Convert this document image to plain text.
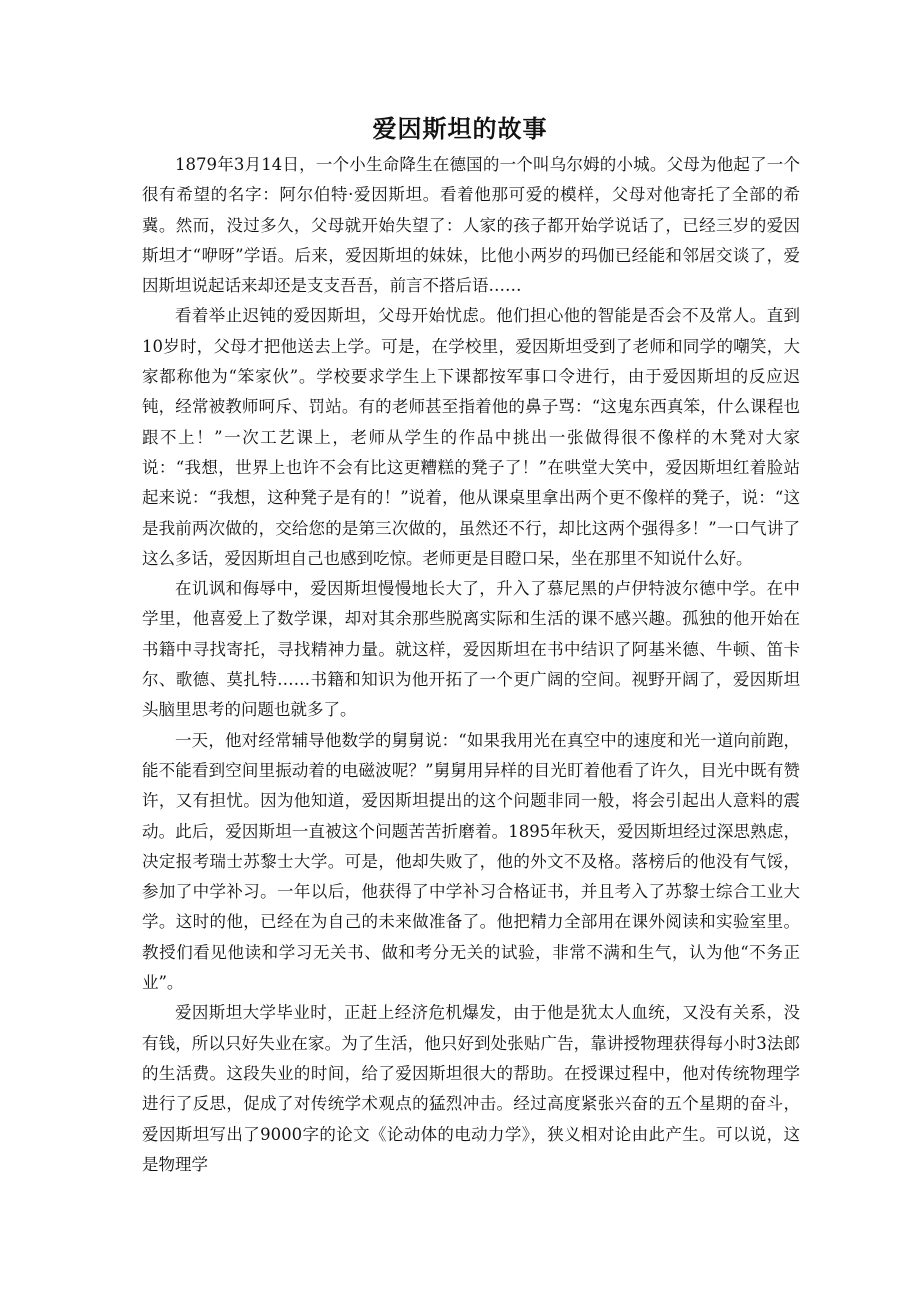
爱因斯坦的故事

1879年3月14日，一个小生命降生在德国的一个叫乌尔姆的小城。父母为他起了一个很有希望的名字：阿尔伯特·爱因斯坦。看着他那可爱的模样，父母对他寄托了全部的希冀。然而，没过多久，父母就开始失望了：人家的孩子都开始学说话了，已经三岁的爱因斯坦才“咿呀”学语。后来，爱因斯坦的妹妹，比他小两岁的玛伽已经能和邻居交谈了，爱因斯坦说起话来却还是支支吾吾，前言不搭后语……

看着举止迟钝的爱因斯坦，父母开始忧虑。他们担心他的智能是否会不及常人。直到10岁时，父母才把他送去上学。可是，在学校里，爱因斯坦受到了老师和同学的嘲笑，大家都称他为“笨家伙”。学校要求学生上下课都按军事口令进行，由于爱因斯坦的反应迟钝，经常被教师呵斥、罚站。有的老师甚至指着他的鼻子骂：“这鬼东西真笨，什么课程也跟不上！”一次工艺课上，老师从学生的作品中挑出一张做得很不像样的木凳对大家说：“我想，世界上也许不会有比这更糟糕的凳子了！”在哄堂大笑中，爱因斯坦红着脸站起来说：“我想，这种凳子是有的！”说着，他从课桌里拿出两个更不像样的凳子，说：“这是我前两次做的，交给您的是第三次做的，虽然还不行，却比这两个强得多！”一口气讲了这么多话，爱因斯坦自己也感到吃惊。老师更是目瞪口呆，坐在那里不知说什么好。

在讥讽和侮辱中，爱因斯坦慢慢地长大了，升入了慕尼黑的卢伊特波尔德中学。在中学里，他喜爱上了数学课，却对其余那些脱离实际和生活的课不感兴趣。孤独的他开始在书籍中寻找寄托，寻找精神力量。就这样，爱因斯坦在书中结识了阿基米德、牛顿、笛卡尔、歌德、莫扎特……书籍和知识为他开拓了一个更广阔的空间。视野开阔了，爱因斯坦头脑里思考的问题也就多了。

一天，他对经常辅导他数学的舅舅说：“如果我用光在真空中的速度和光一道向前跑，能不能看到空间里振动着的电磁波呢？”舅舅用异样的目光盯着他看了许久，目光中既有赞许，又有担忧。因为他知道，爱因斯坦提出的这个问题非同一般，将会引起出人意料的震动。此后，爱因斯坦一直被这个问题苦苦折磨着。1895年秋天，爱因斯坦经过深思熟虑，决定报考瑞士苏黎士大学。可是，他却失败了，他的外文不及格。落榜后的他没有气馁，参加了中学补习。一年以后，他获得了中学补习合格证书，并且考入了苏黎士综合工业大学。这时的他，已经在为自己的未来做准备了。他把精力全部用在课外阅读和实验室里。教授们看见他读和学习无关书、做和考分无关的试验，非常不满和生气，认为他“不务正业”。

爱因斯坦大学毕业时，正赶上经济危机爆发，由于他是犹太人血统，又没有关系，没有钱，所以只好失业在家。为了生活，他只好到处张贴广告，靠讲授物理获得每小时3法郎的生活费。这段失业的时间，给了爱因斯坦很大的帮助。在授课过程中，他对传统物理学进行了反思，促成了对传统学术观点的猛烈冲击。经过高度紧张兴奋的五个星期的奋斗，爱因斯坦写出了9000字的论文《论动体的电动力学》，狭义相对论由此产生。可以说，这是物理学
